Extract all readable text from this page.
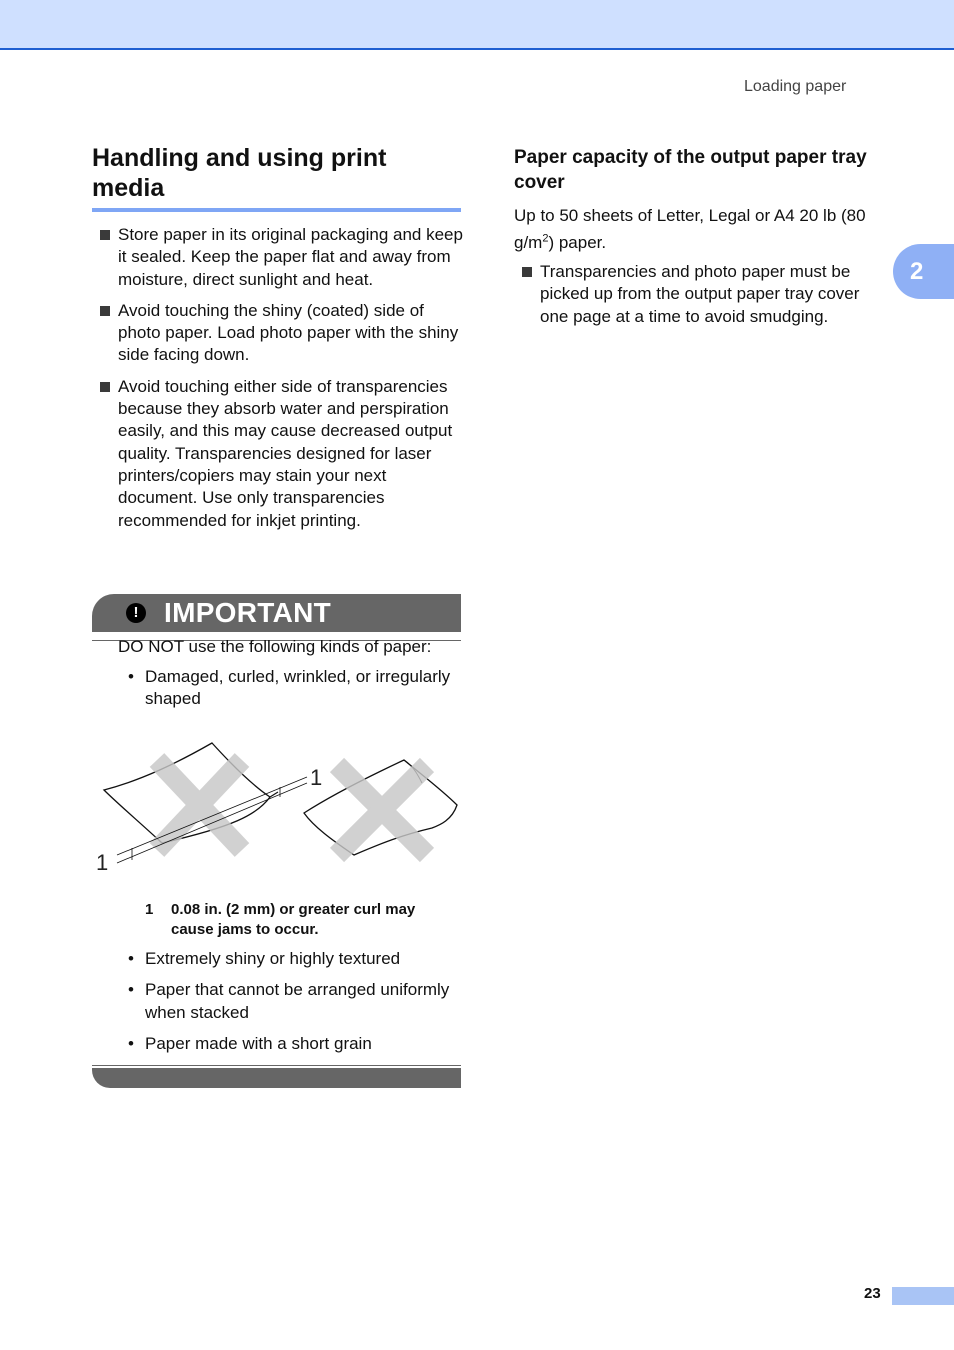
Loading paper
2
Handling and using print media
Store paper in its original packaging and keep it sealed. Keep the paper flat and away from moisture, direct sunlight and heat.
Avoid touching the shiny (coated) side of photo paper. Load photo paper with the shiny side facing down.
Avoid touching either side of transparencies because they absorb water and perspiration easily, and this may cause decreased output quality. Transparencies designed for laser printers/copiers may stain your next document. Use only transparencies recommended for inkjet printing.
! IMPORTANT
DO NOT use the following kinds of paper:
• Damaged, curled, wrinkled, or irregularly shaped
1
1
1	0.08 in. (2 mm) or greater curl may cause jams to occur.
• Extremely shiny or highly textured
• Paper that cannot be arranged uniformly when stacked
• Paper made with a short grain
Paper capacity of the output paper tray cover
Up to 50 sheets of Letter, Legal or A4 20 lb (80 $g/m^2$) paper.
Transparencies and photo paper must be picked up from the output paper tray cover one page at a time to avoid smudging.
23
